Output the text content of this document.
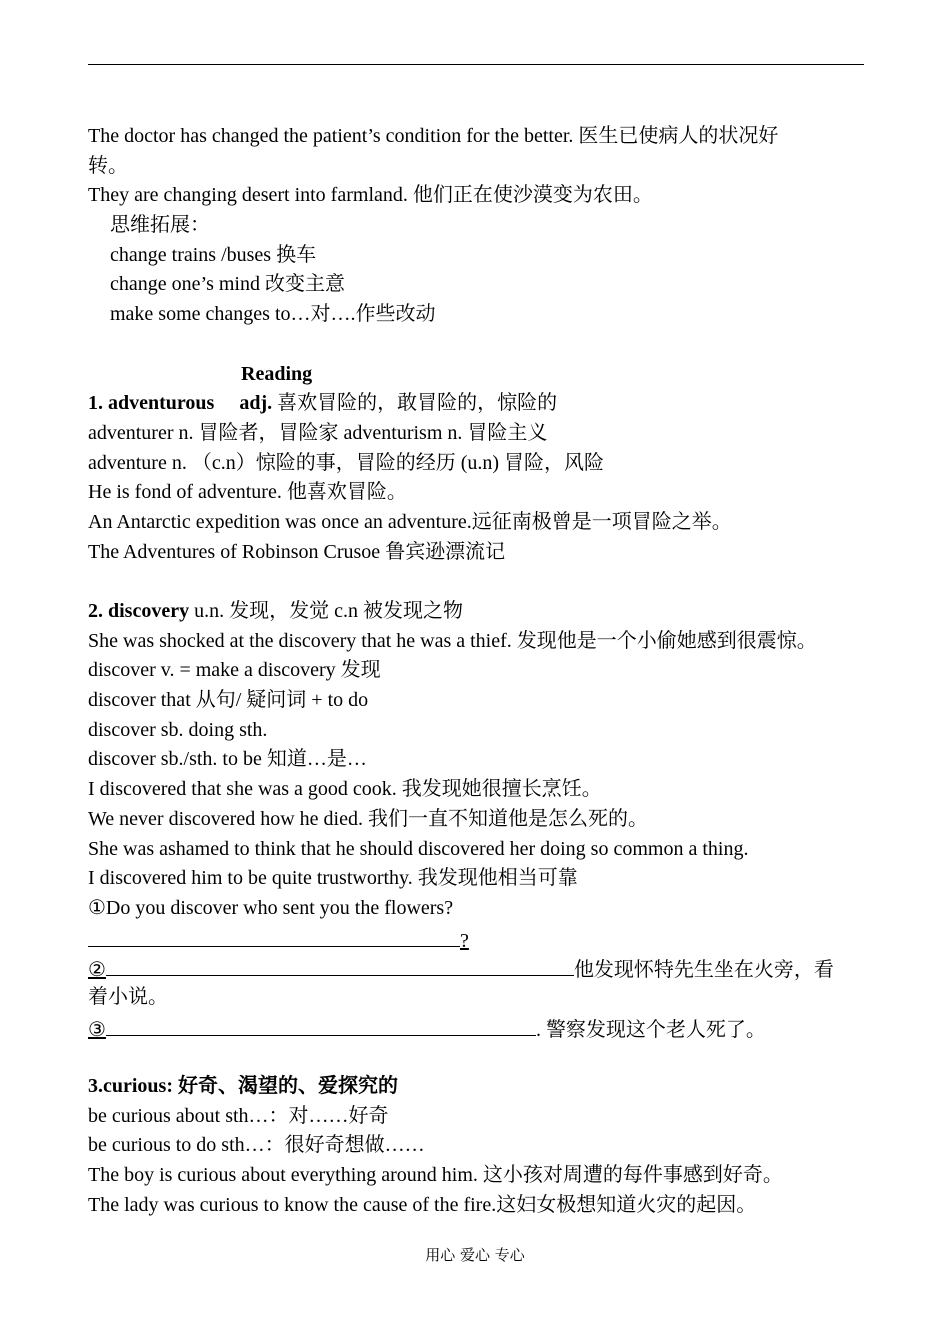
The doctor has changed the patient’s condition for the better. 医生已使病人的状况好
转。
They are changing desert into farmland. 他们正在使沙漠变为农田。
思维拓展：
change trains /buses 换车
change one’s mind 改变主意
make some changes to…对….作些改动
Reading
1. adventurous adj. 喜欢冒险的，敢冒险的，惊险的
adventurer n. 冒险者，冒险家 adventurism n. 冒险主义
adventure n. （c.n）惊险的事，冒险的经历 (u.n) 冒险，风险
He is fond of adventure. 他喜欢冒险。
An Antarctic expedition was once an adventure.远征南极曾是一项冒险之举。
The Adventures of Robinson Crusoe 鲁宾逊漂流记
2. discovery u.n. 发现，发觉 c.n 被发现之物
She was shocked at the discovery that he was a thief. 发现他是一个小偷她感到很震惊。
discover v. = make a discovery 发现
discover that 从句/ 疑问词 + to do
discover sb. doing sth.
discover sb./sth. to be 知道…是…
I discovered that she was a good cook. 我发现她很擅长烹饪。
We never discovered how he died. 我们一直不知道他是怎么死的。
She was ashamed to think that he should discovered her doing so common a thing.
I discovered him to be quite trustworthy. 我发现他相当可靠
①Do you discover who sent you the flowers?
?
②	他发现怀特先生坐在火旁，看
着小说。
③	. 警察发现这个老人死了。
3.curious: 好奇、渴望的、爱探究的
be curious about sth…：对……好奇
be curious to do sth…：很好奇想做……
The boy is curious about everything around him. 这小孩对周遭的每件事感到好奇。
The lady was curious to know the cause of the fire.这妇女极想知道火灾的起因。
用心 爱心 专心
